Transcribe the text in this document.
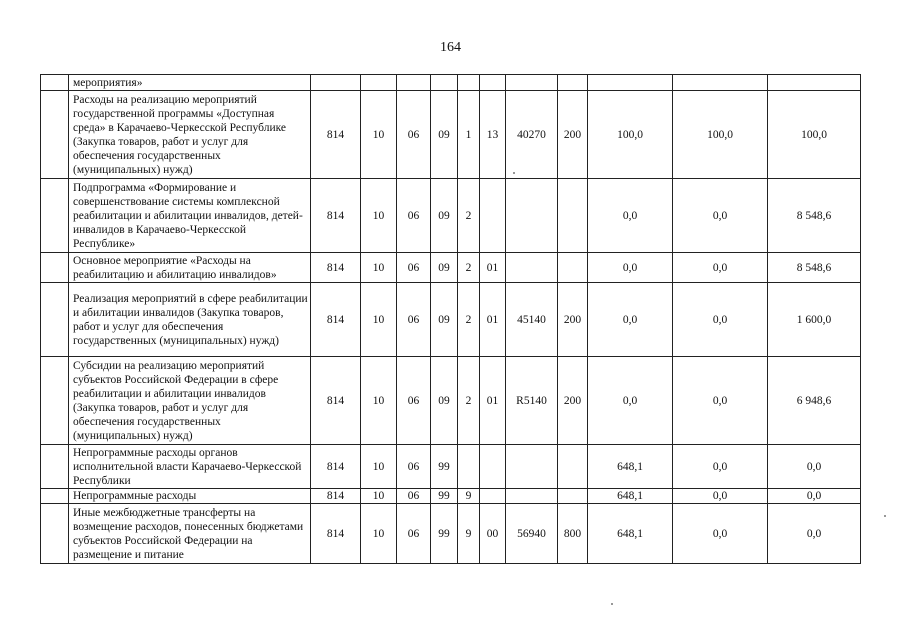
164
	мероприятия»											
	Расходы на реализацию мероприятий государственной программы «Доступная среда» в Карачаево-Черкесской Республике (Закупка товаров, работ и услуг для обеспечения государственных (муниципальных) нужд)	814	10	06	09	1	13	40270	200	100,0	100,0	100,0
	Подпрограмма «Формирование и совершенствование системы комплексной реабилитации и абилитации инвалидов, детей-инвалидов в Карачаево-Черкесской Республике»	814	10	06	09	2				0,0	0,0	8 548,6
	Основное мероприятие «Расходы на реабилитацию и абилитацию инвалидов»	814	10	06	09	2	01			0,0	0,0	8 548,6
	Реализация мероприятий в сфере реабилитации и абилитации инвалидов (Закупка товаров, работ и услуг для обеспечения государственных (муниципальных) нужд)	814	10	06	09	2	01	45140	200	0,0	0,0	1 600,0
	Субсидии на реализацию мероприятий субъектов Российской Федерации в сфере реабилитации и абилитации инвалидов (Закупка товаров, работ и услуг для обеспечения государственных (муниципальных) нужд)	814	10	06	09	2	01	R5140	200	0,0	0,0	6 948,6
	Непрограммные расходы органов исполнительной власти Карачаево-Черкесской Республики	814	10	06	99					648,1	0,0	0,0
	Непрограммные расходы	814	10	06	99	9				648,1	0,0	0,0
	Иные межбюджетные трансферты на возмещение расходов, понесенных бюджетами субъектов Российской Федерации на размещение и питание	814	10	06	99	9	00	56940	800	648,1	0,0	0,0
